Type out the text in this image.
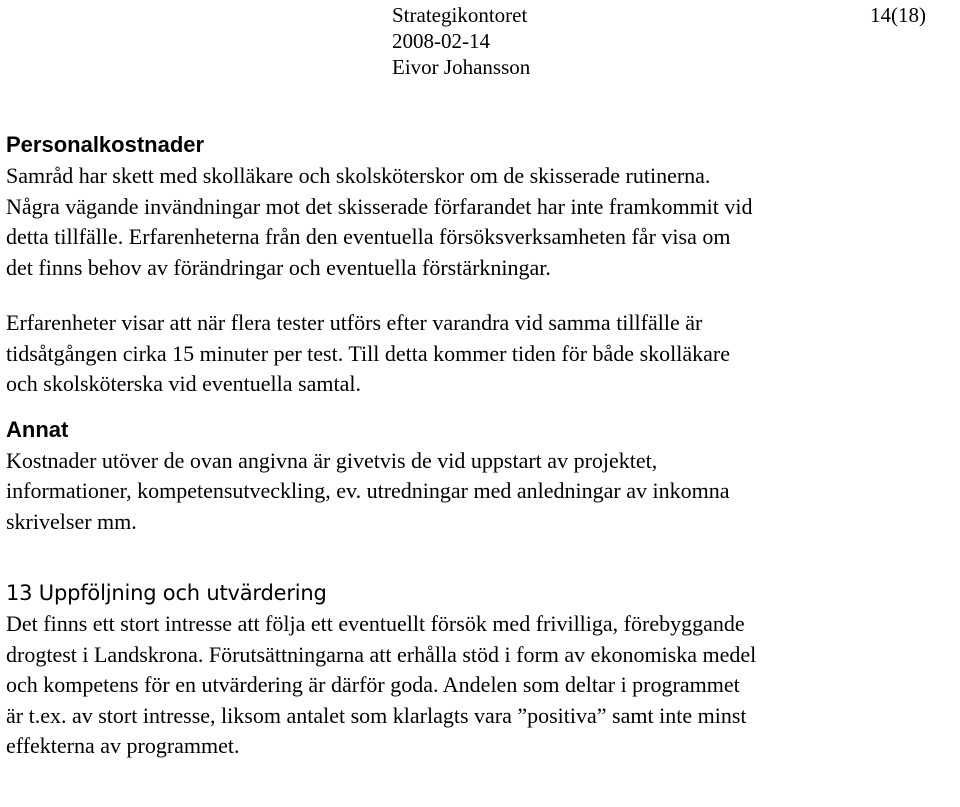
Strategikontoret
2008-02-14
Eivor Johansson
14(18)
Personalkostnader
Samråd har skett med skolläkare och skolsköterskor om de skisserade rutinerna.
Några vägande invändningar mot det skisserade förfarandet har inte framkommit vid
detta tillfälle. Erfarenheterna från den eventuella försöksverksamheten får visa om
det finns behov av förändringar och eventuella förstärkningar.
Erfarenheter visar att när flera tester utförs efter varandra vid samma tillfälle är
tidsåtgången cirka 15 minuter per test. Till detta kommer tiden för både skolläkare
och skolsköterska vid eventuella samtal.
Annat
Kostnader utöver de ovan angivna är givetvis de vid uppstart av projektet,
informationer, kompetensutveckling, ev. utredningar med anledningar av inkomna
skrivelser mm.
13 Uppföljning och utvärdering
Det finns ett stort intresse att följa ett eventuellt försök med frivilliga, förebyggande
drogtest i Landskrona. Förutsättningarna att erhålla stöd i form av ekonomiska medel
och kompetens för en utvärdering är därför goda. Andelen som deltar i programmet
är t.ex. av stort intresse, liksom antalet som klarlagts vara ”positiva” samt inte minst
effekterna av programmet.
